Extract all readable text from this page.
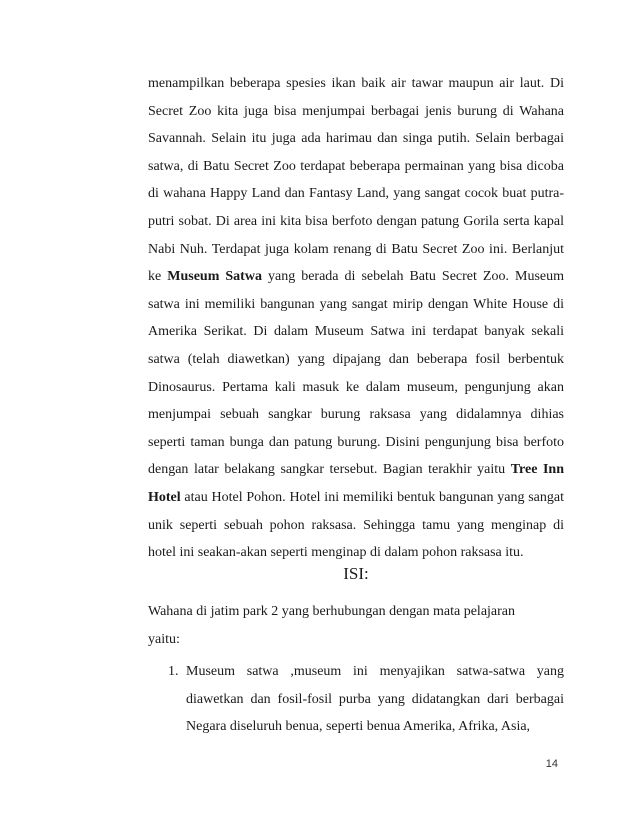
menampilkan beberapa spesies ikan baik air tawar maupun air laut. Di Secret Zoo kita juga bisa menjumpai berbagai jenis burung di Wahana Savannah. Selain itu juga ada harimau dan singa putih. Selain berbagai satwa, di Batu Secret Zoo terdapat beberapa permainan yang bisa dicoba di wahana Happy Land dan Fantasy Land, yang sangat cocok buat putra- putri sobat. Di area ini kita bisa berfoto dengan patung Gorila serta kapal Nabi Nuh. Terdapat juga kolam renang di Batu Secret Zoo ini. Berlanjut ke Museum Satwa yang berada di sebelah Batu Secret Zoo. Museum satwa ini memiliki bangunan yang sangat mirip dengan White House di Amerika Serikat. Di dalam Museum Satwa ini terdapat banyak sekali satwa (telah diawetkan) yang dipajang dan beberapa fosil berbentuk Dinosaurus. Pertama kali masuk ke dalam museum, pengunjung akan menjumpai sebuah sangkar burung raksasa yang didalamnya dihias seperti taman bunga dan patung burung. Disini pengunjung bisa berfoto dengan latar belakang sangkar tersebut. Bagian terakhir yaitu Tree Inn Hotel atau Hotel Pohon. Hotel ini memiliki bentuk bangunan yang sangat unik seperti sebuah pohon raksasa. Sehingga tamu yang menginap di hotel ini seakan-akan seperti menginap di dalam pohon raksasa itu.

ISI:

Wahana di jatim park 2 yang berhubungan dengan mata pelajaran

yaitu:

1. Museum satwa ,museum ini menyajikan satwa-satwa yang diawetkan dan fosil-fosil purba yang didatangkan dari berbagai Negara diseluruh benua, seperti benua Amerika, Afrika, Asia,
14
